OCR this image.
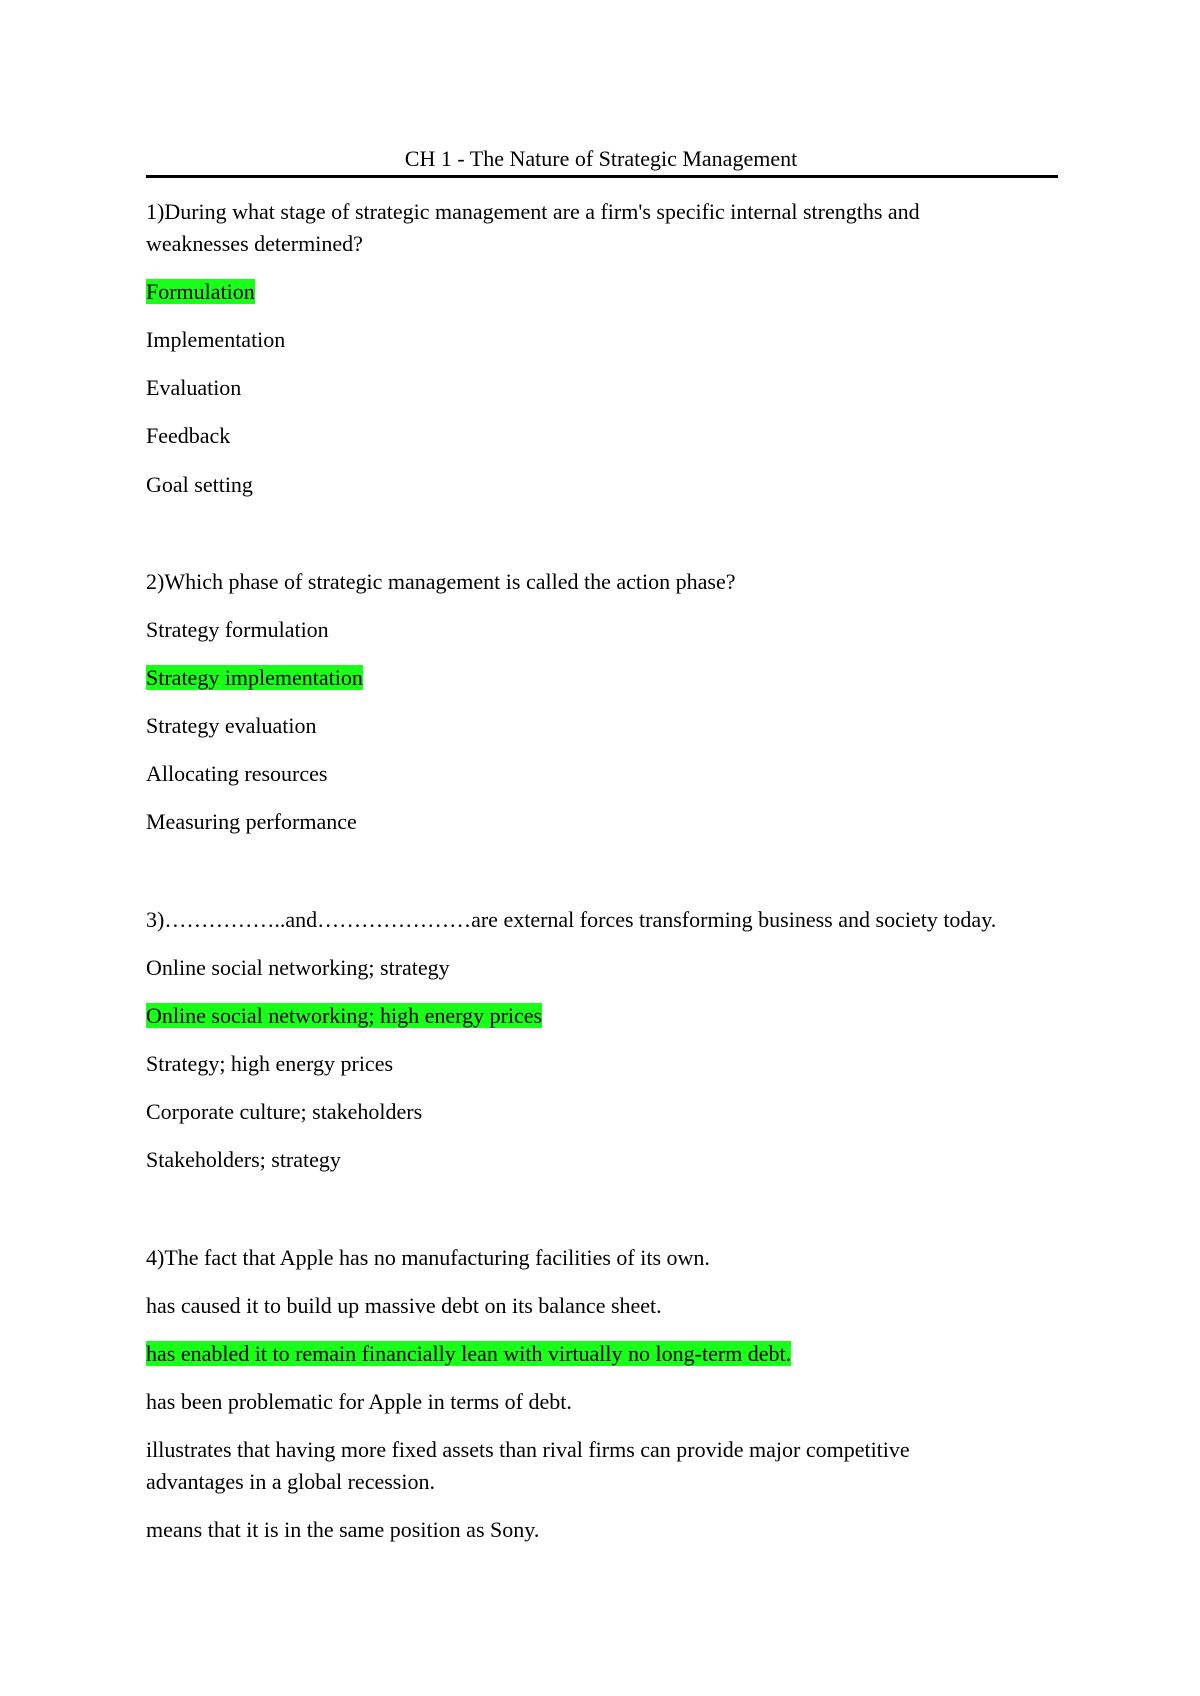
CH 1 - The Nature of Strategic Management
1)During what stage of strategic management are a firm's specific internal strengths and
weaknesses determined?
Formulation
Implementation
Evaluation
Feedback
Goal setting
2)Which phase of strategic management is called the action phase?
Strategy formulation
Strategy implementation
Strategy evaluation
Allocating resources
Measuring performance
3)……………..and…………………are external forces transforming business and society today.
Online social networking; strategy
Online social networking; high energy prices
Strategy; high energy prices
Corporate culture; stakeholders
Stakeholders; strategy
4)The fact that Apple has no manufacturing facilities of its own.
has caused it to build up massive debt on its balance sheet.
has enabled it to remain financially lean with virtually no long-term debt.
has been problematic for Apple in terms of debt.
illustrates that having more fixed assets than rival firms can provide major competitive
advantages in a global recession.
means that it is in the same position as Sony.
